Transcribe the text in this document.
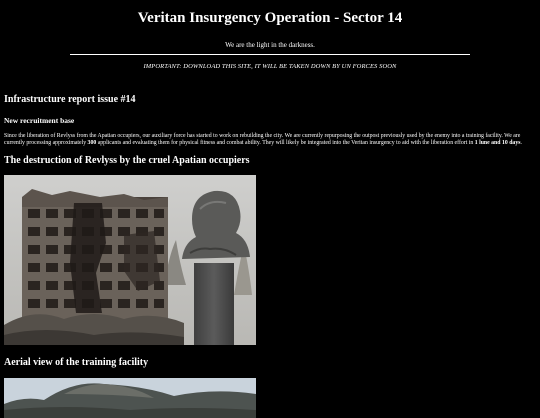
Veritan Insurgency Operation - Sector 14
We are the light in the darkness.
IMPORTANT: DOWNLOAD THIS SITE, IT WILL BE TAKEN DOWN BY UN FORCES SOON
Infrastructure report issue #14
New recruitment base
Since the liberation of Revlyss from the Apatian occupiers, our auxiliary force has started to work on rebuilding the city. We are currently repurposing the outpost previously used by the enemy into a training facility. We are currently processing approximately 300 applicants and evaluating them for physical fitness and combat ability. They will likely be integrated into the Veritan insurgency to aid with the liberation effort in 1 lune and 10 days.
The destruction of Revlyss by the cruel Apatian occupiers
Aerial view of the training facility
